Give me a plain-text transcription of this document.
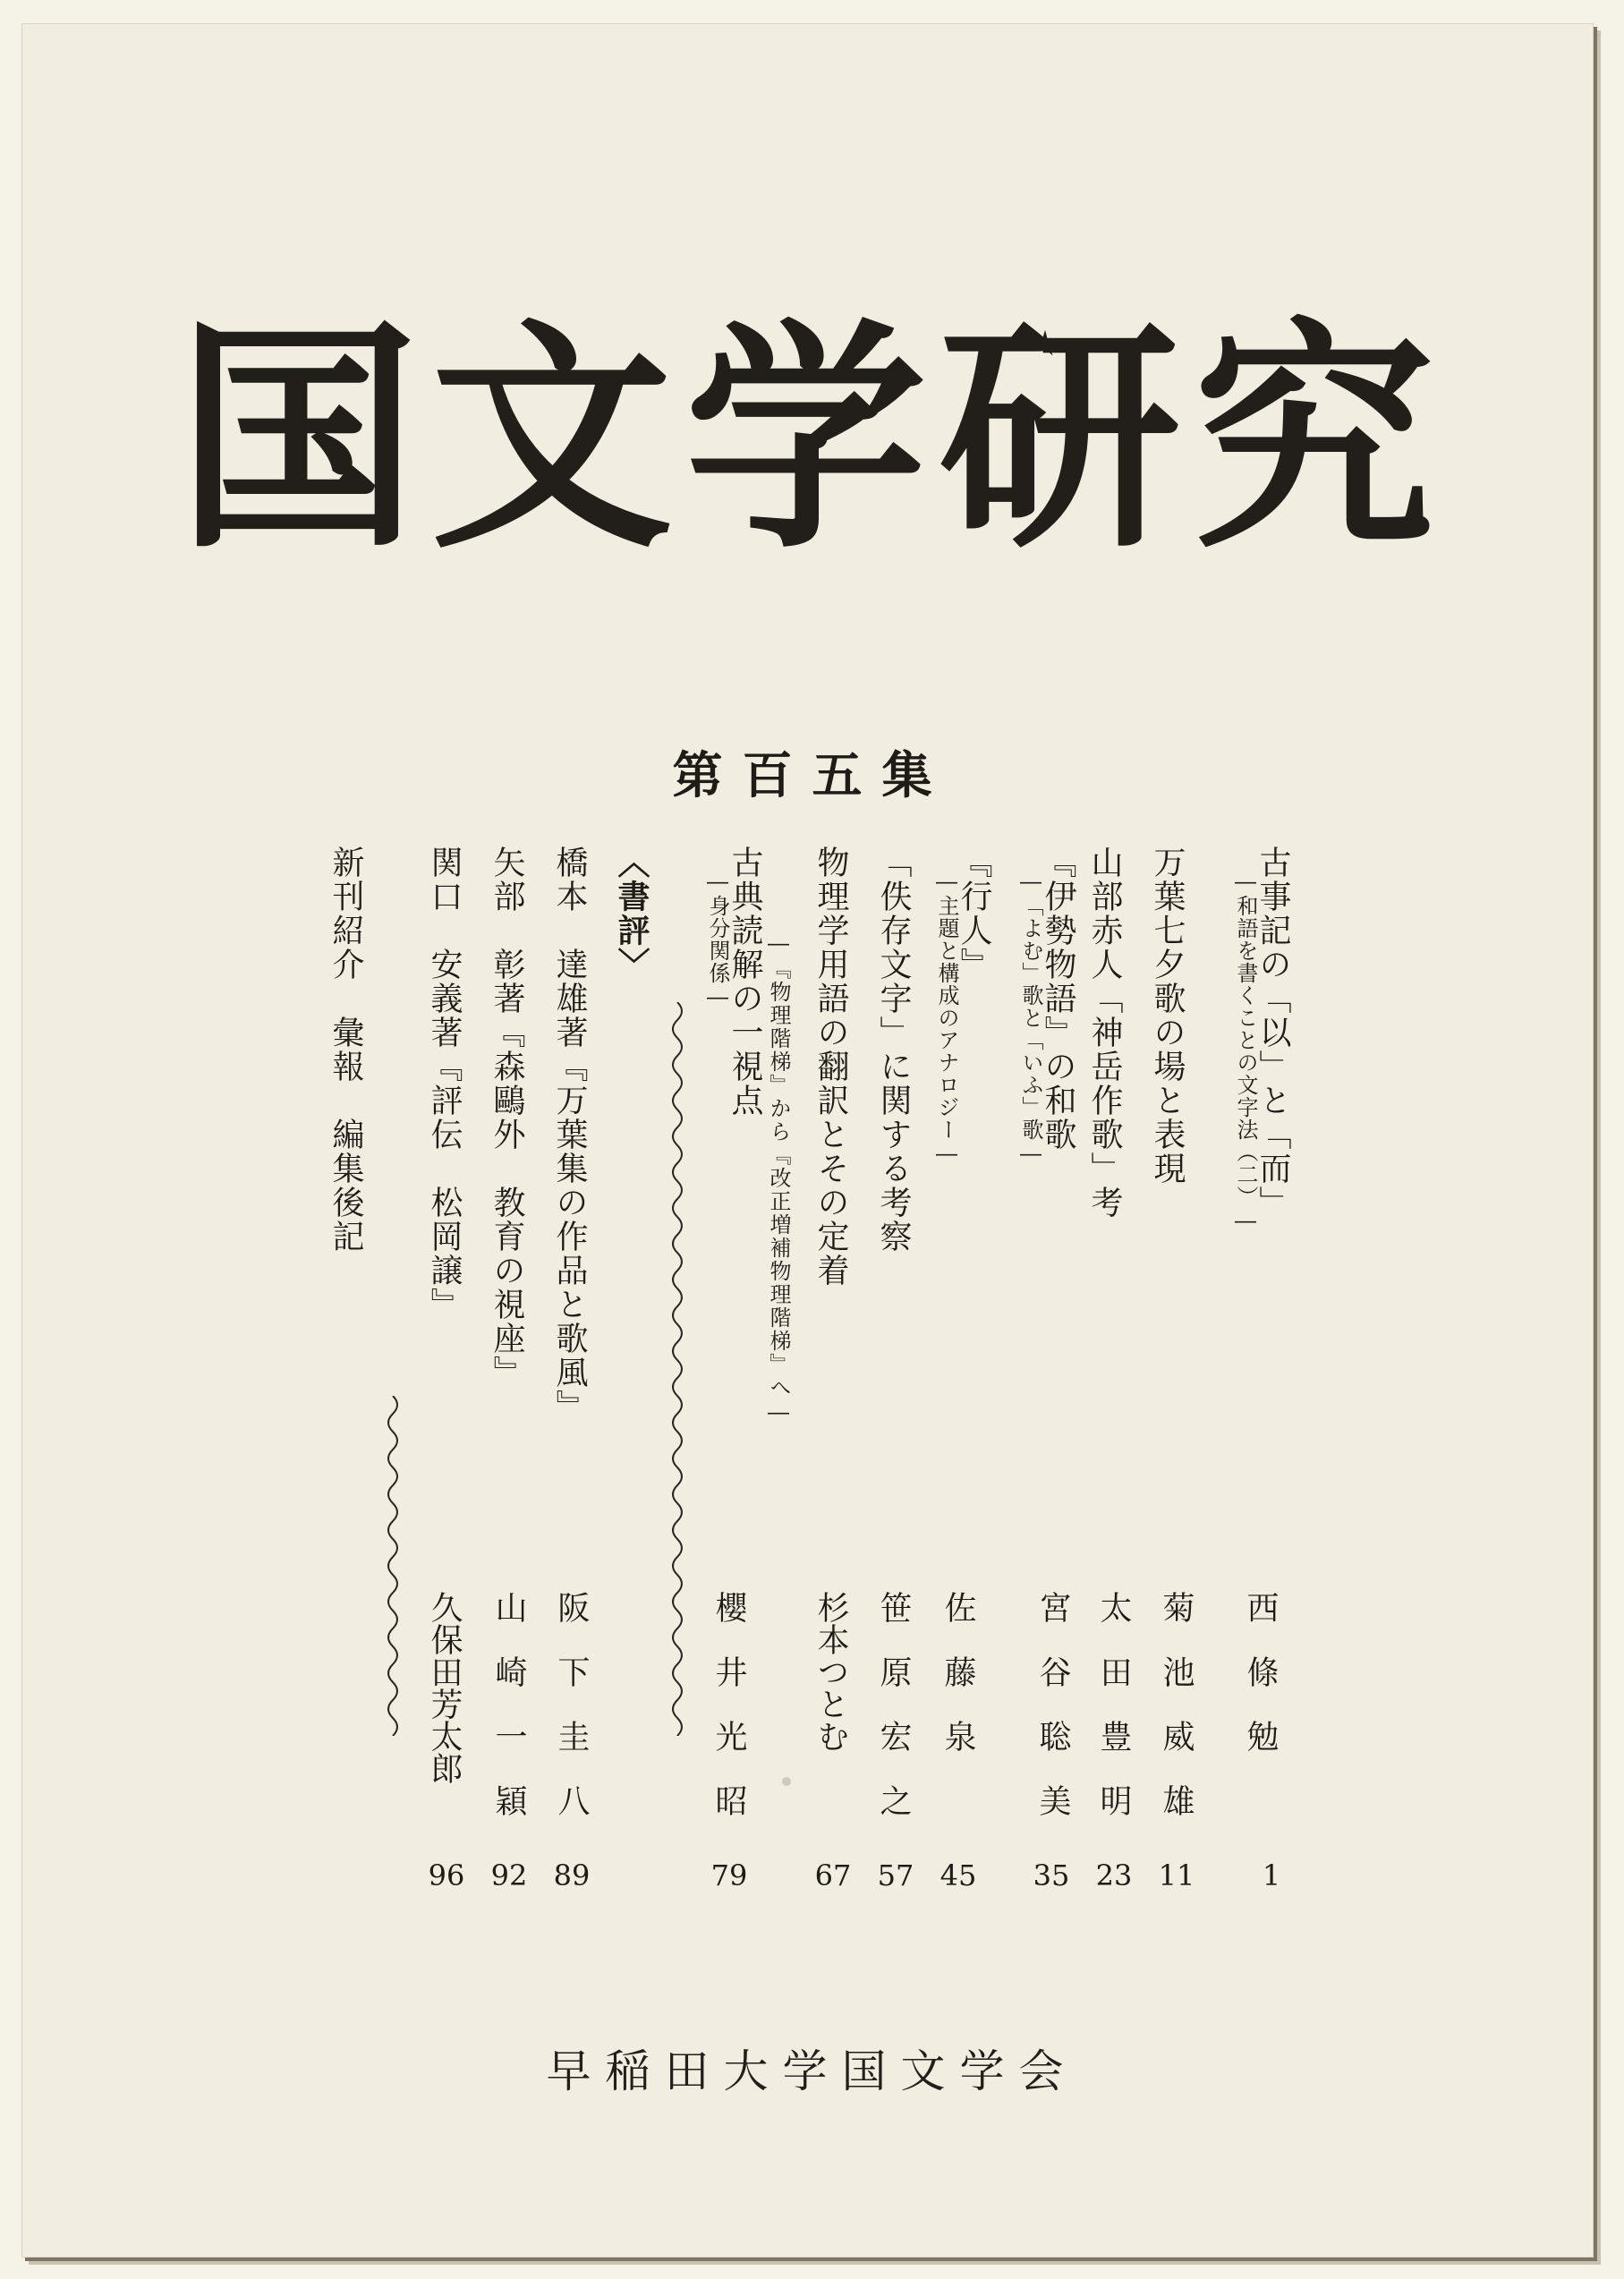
国文学研究
第百五集
古事記の「以」と「而」
―和語を書くことの文字法（二）―
万葉七夕歌の場と表現
山部赤人「神岳作歌」考
『伊勢物語』の和歌
―「よむ」歌と「いふ」歌―
『行人』
―主題と構成のアナロジー―
「佚存文字」に関する考察
物理学用語の翻訳とその定着
―『物理階梯』から『改正増補物理階梯』へ―
古典読解の一視点
―身分関係―
〈書評〉
橋本　達雄著『万葉集の作品と歌風』
矢部　彰著『森鷗外　教育の視座』
関口　安義著『評伝　松岡譲』
新刊紹介　彙報　編集後記
西條勉
菊池威雄
太田豊明
宮谷聡美
佐藤泉
笹原宏之
杉本つとむ
櫻井光昭
阪下圭八
山崎一穎
久保田芳太郎
1
11
23
35
45
57
67
79
89
92
96
早稲田大学国文学会
